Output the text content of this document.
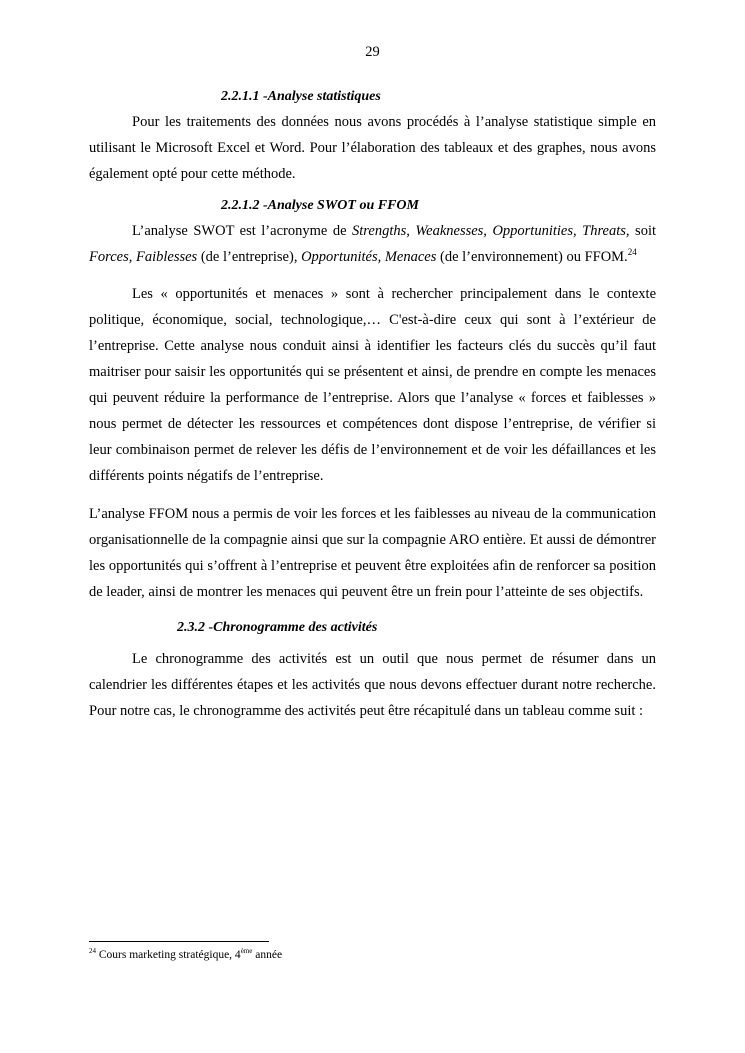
29
2.2.1.1 -Analyse statistiques

Pour les traitements des données nous avons procédés à l’analyse statistique simple en utilisant le Microsoft Excel et Word. Pour l’élaboration des tableaux et des graphes, nous avons également opté pour cette méthode.

2.2.1.2 -Analyse SWOT ou FFOM

L’analyse SWOT est l’acronyme de Strengths, Weaknesses, Opportunities, Threats, soit Forces, Faiblesses (de l’entreprise), Opportunités, Menaces (de l’environnement) ou FFOM.$^{24}$

Les « opportunités et menaces » sont à rechercher principalement dans le contexte politique, économique, social, technologique,… C'est-à-dire ceux qui sont à l’extérieur de l’entreprise. Cette analyse nous conduit ainsi à identifier les facteurs clés du succès qu’il faut maitriser pour saisir les opportunités qui se présentent et ainsi, de prendre en compte les menaces qui peuvent réduire la performance de l’entreprise. Alors que l’analyse « forces et faiblesses » nous permet de détecter les ressources et compétences dont dispose l’entreprise, de vérifier si leur combinaison permet de relever les défis de l’environnement et de voir les défaillances et les différents points négatifs de l’entreprise.

L’analyse FFOM nous a permis de voir les forces et les faiblesses au niveau de la communication organisationnelle de la compagnie ainsi que sur la compagnie ARO entière. Et aussi de démontrer les opportunités qui s’offrent à l’entreprise et peuvent être exploitées afin de renforcer sa position de leader, ainsi de montrer les menaces qui peuvent être un frein pour l’atteinte de ses objectifs.

2.3.2 -Chronogramme des activités

Le chronogramme des activités est un outil que nous permet de résumer dans un calendrier les différentes étapes et les activités que nous devons effectuer durant notre recherche. Pour notre cas, le chronogramme des activités peut être récapitulé dans un tableau comme suit :

$^{24}$ Cours marketing stratégique, 4ème année
